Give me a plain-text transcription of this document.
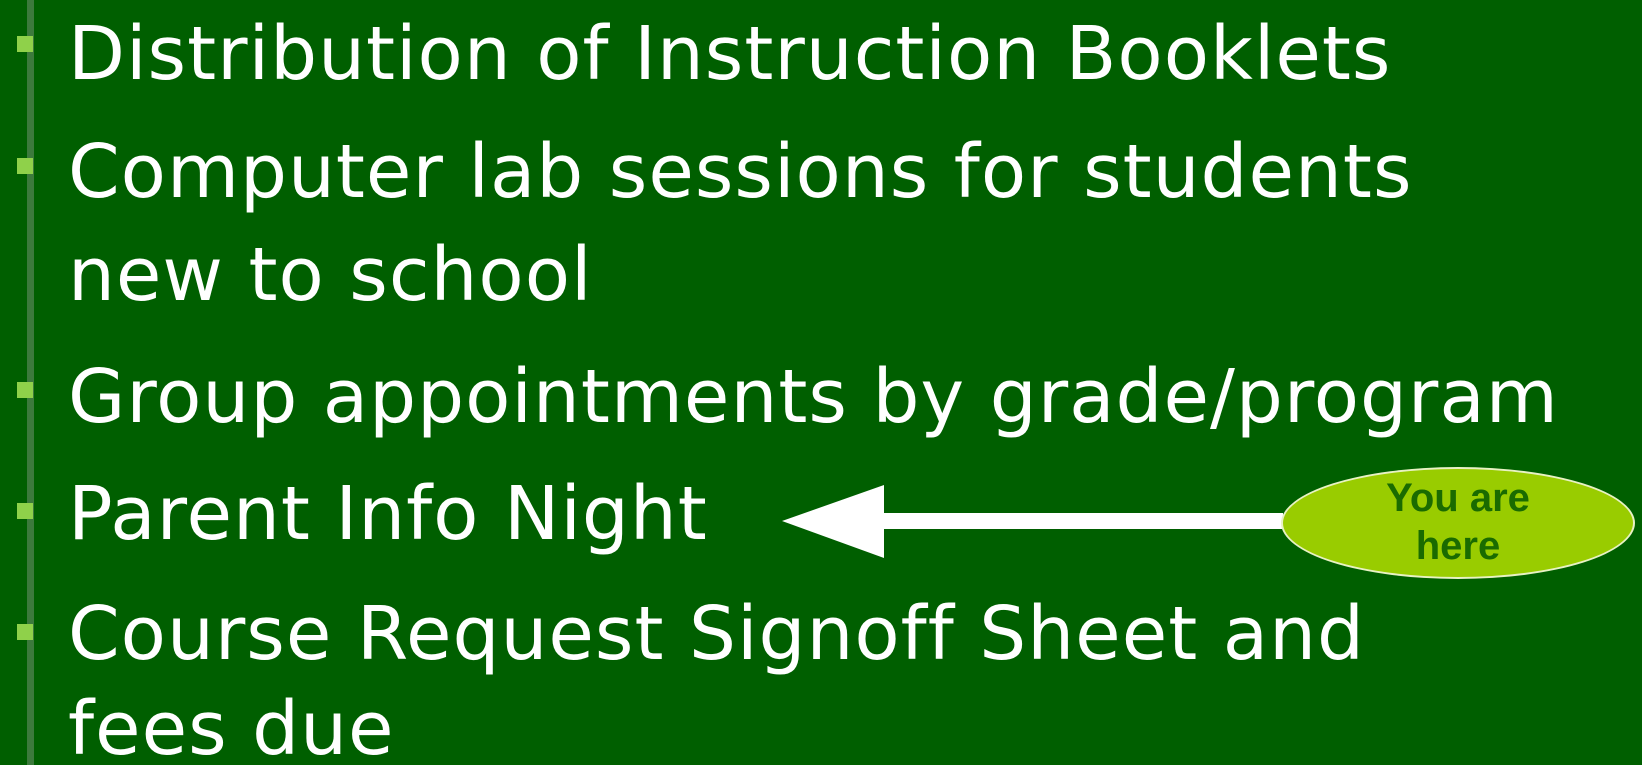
Distribution of Instruction Booklets
Computer lab sessions for students
new to school
Group appointments by grade/program
Parent Info Night
Course Request Signoff Sheet and
fees due
You are here
